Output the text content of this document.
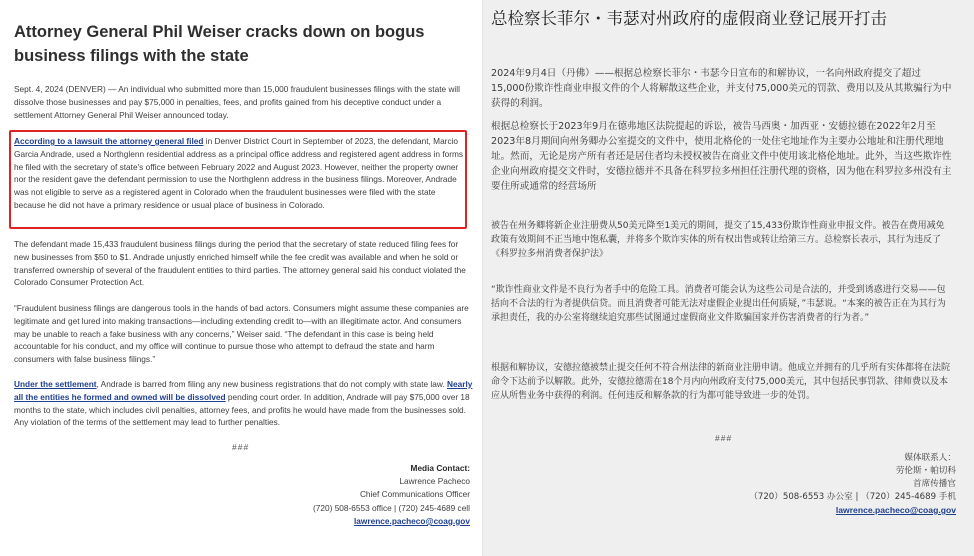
Attorney General Phil Weiser cracks down on bogus business filings with the state
Sept. 4, 2024 (DENVER) — An individual who submitted more than 15,000 fraudulent businesses filings with the state will dissolve those businesses and pay $75,000 in penalties, fees, and profits gained from his deceptive conduct under a settlement Attorney General Phil Weiser announced today.
According to a lawsuit the attorney general filed in Denver District Court in September of 2023, the defendant, Marcio Garcia Andrade, used a Northglenn residential address as a principal office address and registered agent address in forms he filed with the secretary of state's office between February 2022 and August 2023. However, neither the property owner nor the resident gave the defendant permission to use the Northglenn address in the business filings. Moreover, Andrade was not eligible to serve as a registered agent in Colorado when the fraudulent businesses were filed with the state because he did not have a primary residence or usual place of business in Colorado.
The defendant made 15,433 fraudulent business filings during the period that the secretary of state reduced filing fees for new businesses from $50 to $1. Andrade unjustly enriched himself while the fee credit was available and when he sold or transferred ownership of several of the fraudulent entities to third parties. The attorney general said his conduct violated the Colorado Consumer Protection Act.
“Fraudulent business filings are dangerous tools in the hands of bad actors. Consumers might assume these companies are legitimate and get lured into making transactions—including extending credit to—with an illegitimate actor. And consumers may be unable to reach a fake business with any concerns,” Weiser said. “The defendant in this case is being held accountable for his conduct, and my office will continue to pursue those who attempt to defraud the state and harm consumers with false business filings.”
Under the settlement, Andrade is barred from filing any new business registrations that do not comply with state law. Nearly all the entities he formed and owned will be dissolved pending court order. In addition, Andrade will pay $75,000 over 18 months to the state, which includes civil penalties, attorney fees, and profits he would have made from the businesses sold. Any violation of the terms of the settlement may lead to further penalties.
###
Media Contact:
Lawrence Pacheco
Chief Communications Officer
(720) 508-6553 office | (720) 245-4689 cell
lawrence.pacheco@coag.gov
总检察长菲尔・韦瑟对州政府的虚假商业登记展开打击
2024年9月4日（丹佛）——根据总检察长菲尔・韦瑟今日宣布的和解协议，一名向州政府提交了超过15,000份欺诈性商业申报文件的个人将解散这些企业，并支付75,000美元的罚款、费用以及从其欺骗行为中获得的利润。
根据总检察长于2023年9月在德弗地区法院提起的诉讼，被告马西奥・加西亚・安德拉德在2022年2月至2023年8月期间向州务卿办公室提交的文件中，使用北格伦的一处住宅地址作为主要办公地址和注册代理地址。然而，无论是房产所有者还是居住者均未授权被告在商业文件中使用该北格伦地址。此外，当这些欺诈性企业向州政府提交文件时，安德拉德并不具备在科罗拉多州担任注册代理的资格，因为他在科罗拉多州没有主要住所或通常的经营场所
被告在州务卿将新企业注册费从50美元降至1美元的期间，提交了15,433份欺诈性商业申报文件。被告在费用减免政策有效期间不正当地中饱私囊，并将多个欺诈实体的所有权出售或转让给第三方。总检察长表示，其行为违反了《科罗拉多州消费者保护法》
“欺诈性商业文件是不良行为者手中的危险工具。消费者可能会认为这些公司是合法的，并受到诱惑进行交易——包括向不合法的行为者提供信贷。而且消费者可能无法对虚假企业提出任何质疑，”韦瑟说。“本案的被告正在为其行为承担责任，我的办公室将继续追究那些试图通过虚假商业文件欺骗国家并伤害消费者的行为者。”
根据和解协议，安德拉德被禁止提交任何不符合州法律的新商业注册申请。他成立并拥有的几乎所有实体都将在法院命令下达前予以解散。此外，安德拉德需在18个月内向州政府支付75,000美元，其中包括民事罚款、律师费以及本应从所售业务中获得的利润。任何违反和解条款的行为都可能导致进一步的处罚。
###
媒体联系人：
劳伦斯・帕切科
首席传播官
（720）508-6553 办公室 | （720）245-4689 手机
lawrence.pacheco@coag.gov
